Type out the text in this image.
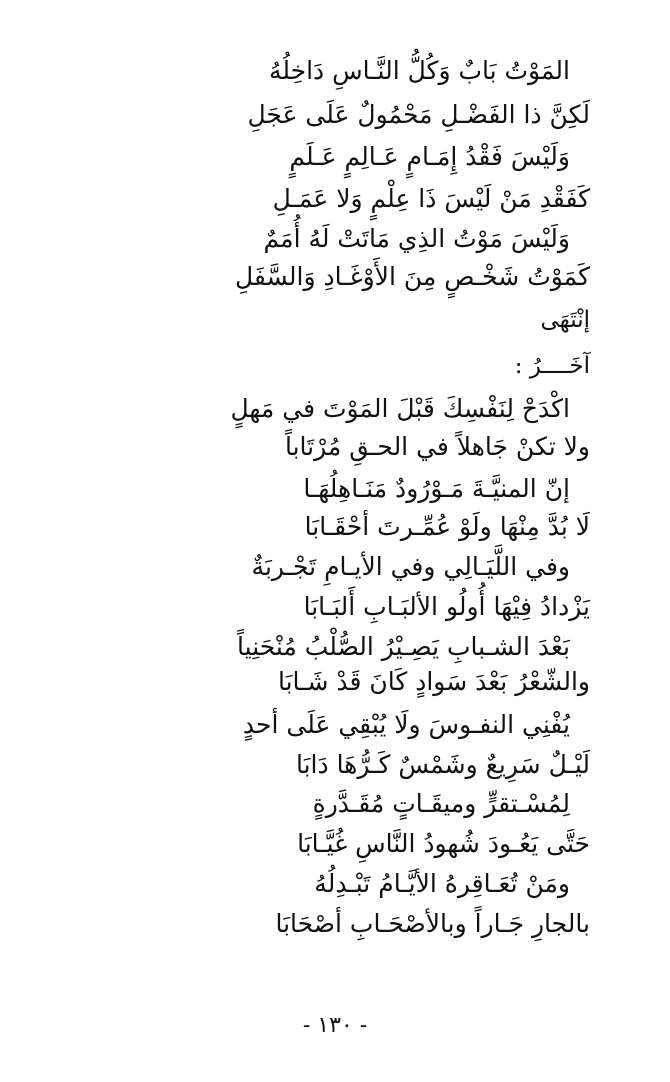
المَوْتُ بَابٌ وَكُلُّ النَّـاسِ دَاخِلُهُ
لَكِنَّ ذا الفَضْـلِ مَحْمُولٌ عَلَى عَجَلِ
وَلَيْسَ فَقْدُ إِمَـامٍ عَـالِمٍ عَـلَمٍ
كَفَقْدِ مَنْ لَيْسَ ذَا عِلْمٍ وَلا عَمَـلِ
وَلَيْسَ مَوْتُ الذِي مَاتَتْ لَهُ أُمَمٌ
كَمَوْتُ شَخْـصٍ مِنَ الأَوْغَـادِ وَالسَّفَلِ
إنْتَهَى
آخَــــرُ :
اكْدَحْ لِنَفْسِكَ قَبْلَ المَوْتَ في مَهلٍ
ولا تكنْ جَاهلاً في الحـقِ مُرْتَاباً
إنّ المنيَّـةَ مَـوْرُودٌ مَنَـاهِلُهَـا
لَا بُدَّ مِنْهَا ولَوْ عُمِّـرتَ أحْقَـابَا
وفي اللَّيَـالِي وفي الأيـامِ تَجْـربَةٌ
يَزْدادُ فِيْهَا أُولُو الألبَـابِ أَلبَـابَا
بَعْدَ الشـبابِ يَصِـيْرُ الصُّلْبُ مُنْحَنِياً
والشّعْرُ بَعْدَ سَوادٍ كَانَ قَدْ شَـابَا
يُفْنِي النفـوسَ ولَا يُبْقِي عَلَى أحدٍ
لَيْـلٌ سَرِيعٌ وشَمْسٌ كَـرُّهَا دَابَا
لِمُسْـتقرٍّ وميقَـاتٍ مُقَـدَّرةٍ
حَتَّى يَعُـودَ شُهودُ النَّاسِ غُيَّـابَا
ومَنْ تُعَـاقِرهُ الأيَّـامُ تَبْـدِلُهُ
بالجارِ جَـاراً وبالأصْحَـابِ أصْحَابَا
- ١٣٠ -
